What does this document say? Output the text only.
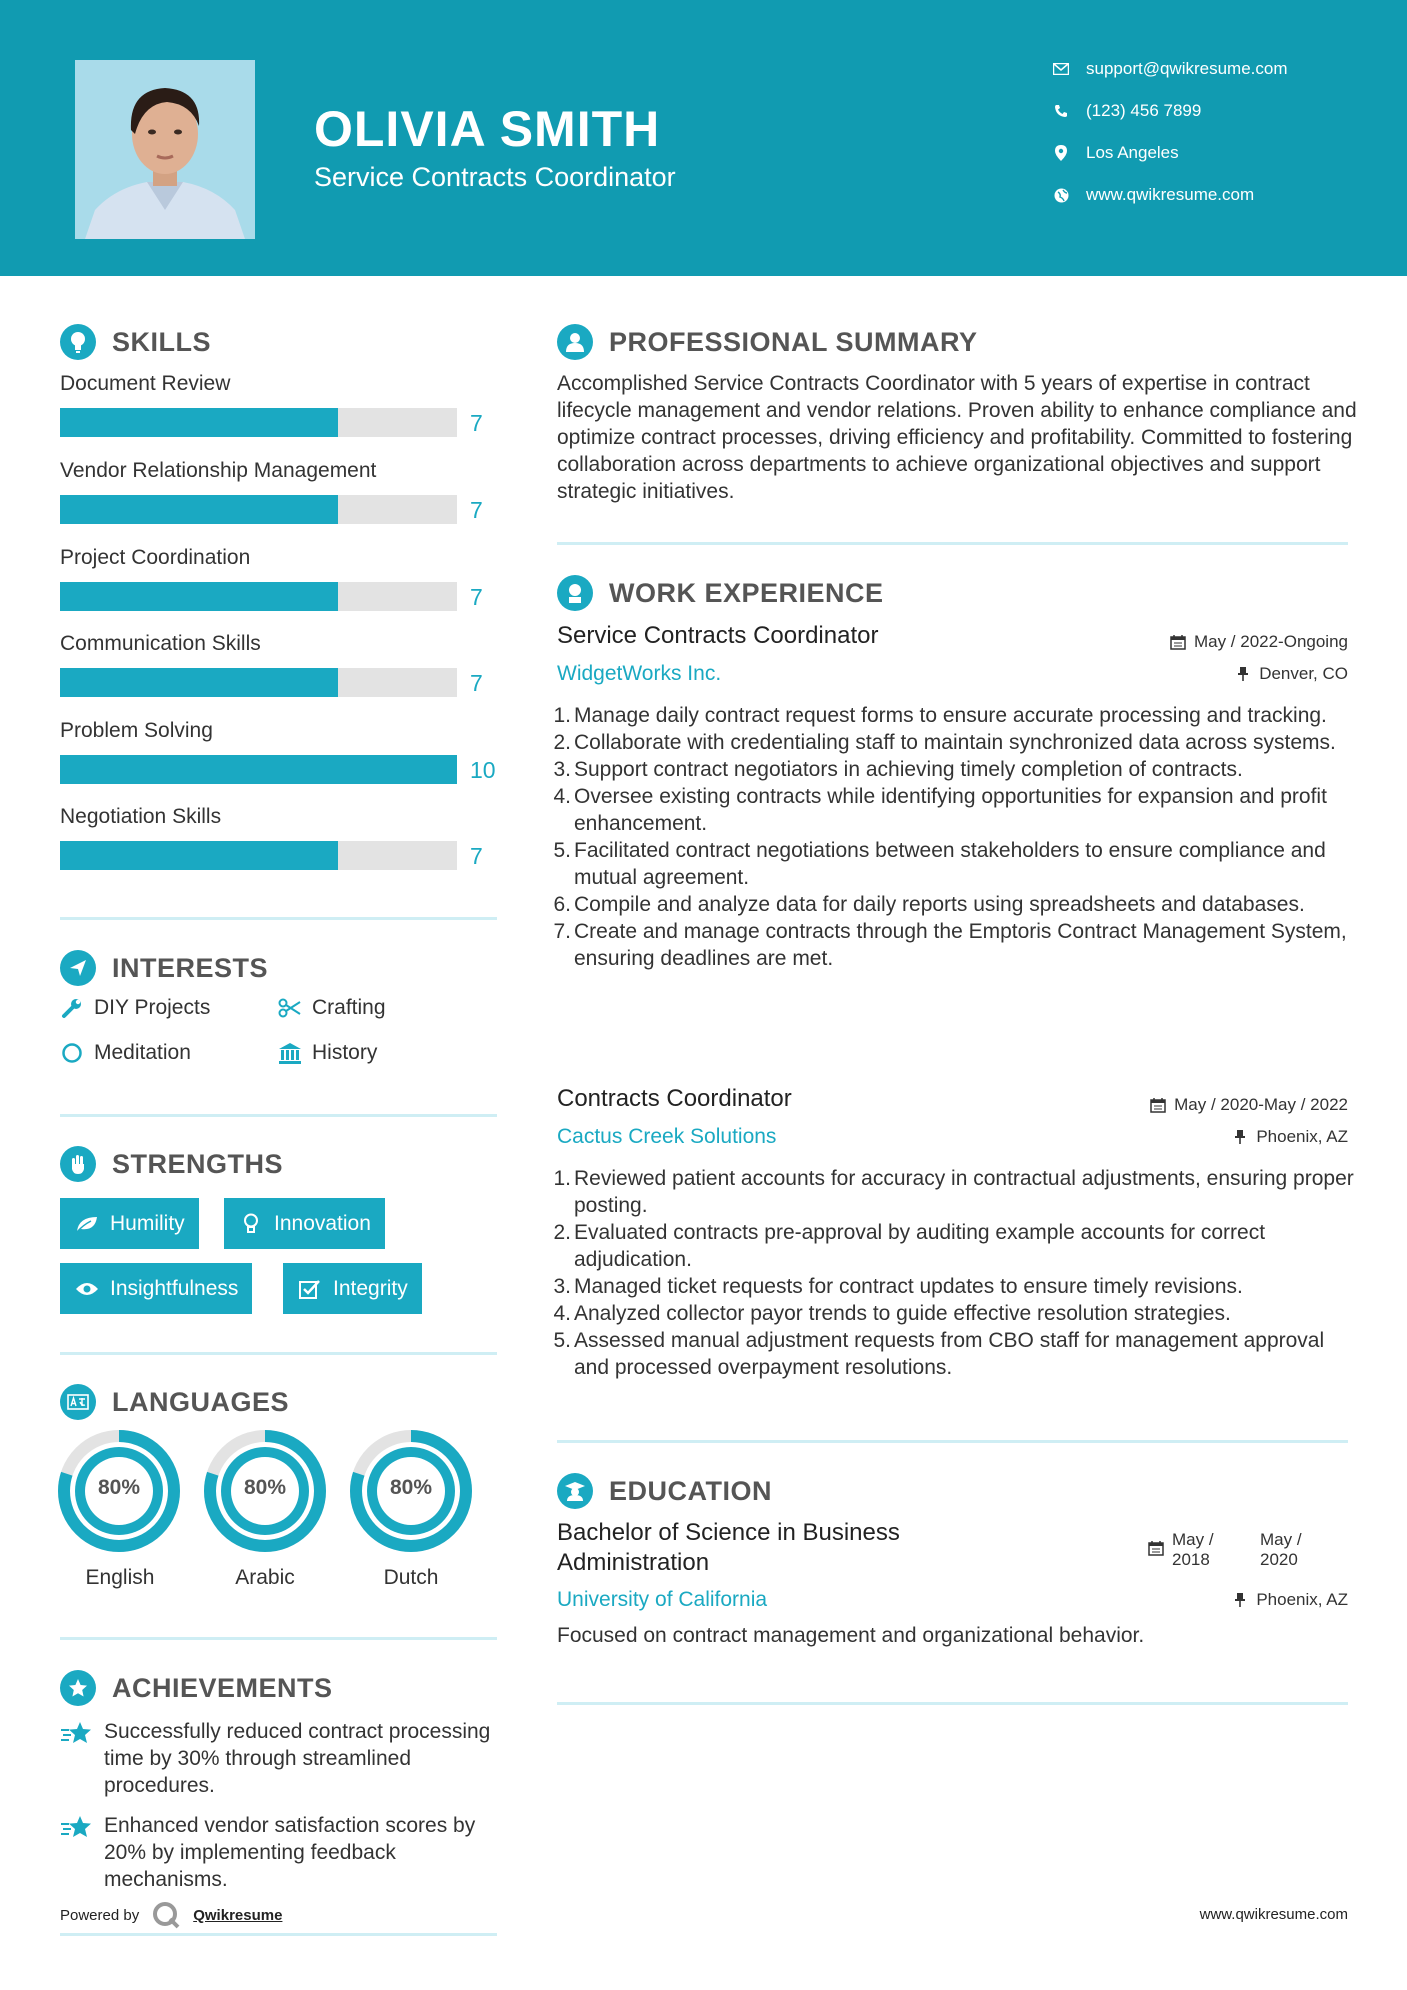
OLIVIA SMITH
Service Contracts Coordinator
support@qwikresume.com
(123) 456 7899
Los Angeles
www.qwikresume.com
SKILLS
Document Review
7
Vendor Relationship Management
7
Project Coordination
7
Communication Skills
7
Problem Solving
10
Negotiation Skills
7
INTERESTS
DIY Projects	Crafting
Meditation	History
STRENGTHS
Humility	Innovation
Insightfulness	Integrity
LANGUAGES
80%
English
80%
Arabic
80%
Dutch
ACHIEVEMENTS
Successfully reduced contract processing time by 30% through streamlined procedures.
Enhanced vendor satisfaction scores by 20% by implementing feedback mechanisms.
Powered by	Qwikresume
PROFESSIONAL SUMMARY
Accomplished Service Contracts Coordinator with 5 years of expertise in contract lifecycle management and vendor relations. Proven ability to enhance compliance and optimize contract processes, driving efficiency and profitability. Committed to fostering collaboration across departments to achieve organizational objectives and support strategic initiatives.
WORK EXPERIENCE
Service Contracts Coordinator
WidgetWorks Inc.
May / 2022-Ongoing
Denver, CO
1. Manage daily contract request forms to ensure accurate processing and tracking.
2. Collaborate with credentialing staff to maintain synchronized data across systems.
3. Support contract negotiators in achieving timely completion of contracts.
4. Oversee existing contracts while identifying opportunities for expansion and profit enhancement.
5. Facilitated contract negotiations between stakeholders to ensure compliance and mutual agreement.
6. Compile and analyze data for daily reports using spreadsheets and databases.
7. Create and manage contracts through the Emptoris Contract Management System, ensuring deadlines are met.
Contracts Coordinator
Cactus Creek Solutions
May / 2020-May / 2022
Phoenix, AZ
1. Reviewed patient accounts for accuracy in contractual adjustments, ensuring proper posting.
2. Evaluated contracts pre-approval by auditing example accounts for correct adjudication.
3. Managed ticket requests for contract updates to ensure timely revisions.
4. Analyzed collector payor trends to guide effective resolution strategies.
5. Assessed manual adjustment requests from CBO staff for management approval and processed overpayment resolutions.
EDUCATION
Bachelor of Science in Business Administration
May / 2018
May / 2020
University of California	Phoenix, AZ
Focused on contract management and organizational behavior.
www.qwikresume.com
